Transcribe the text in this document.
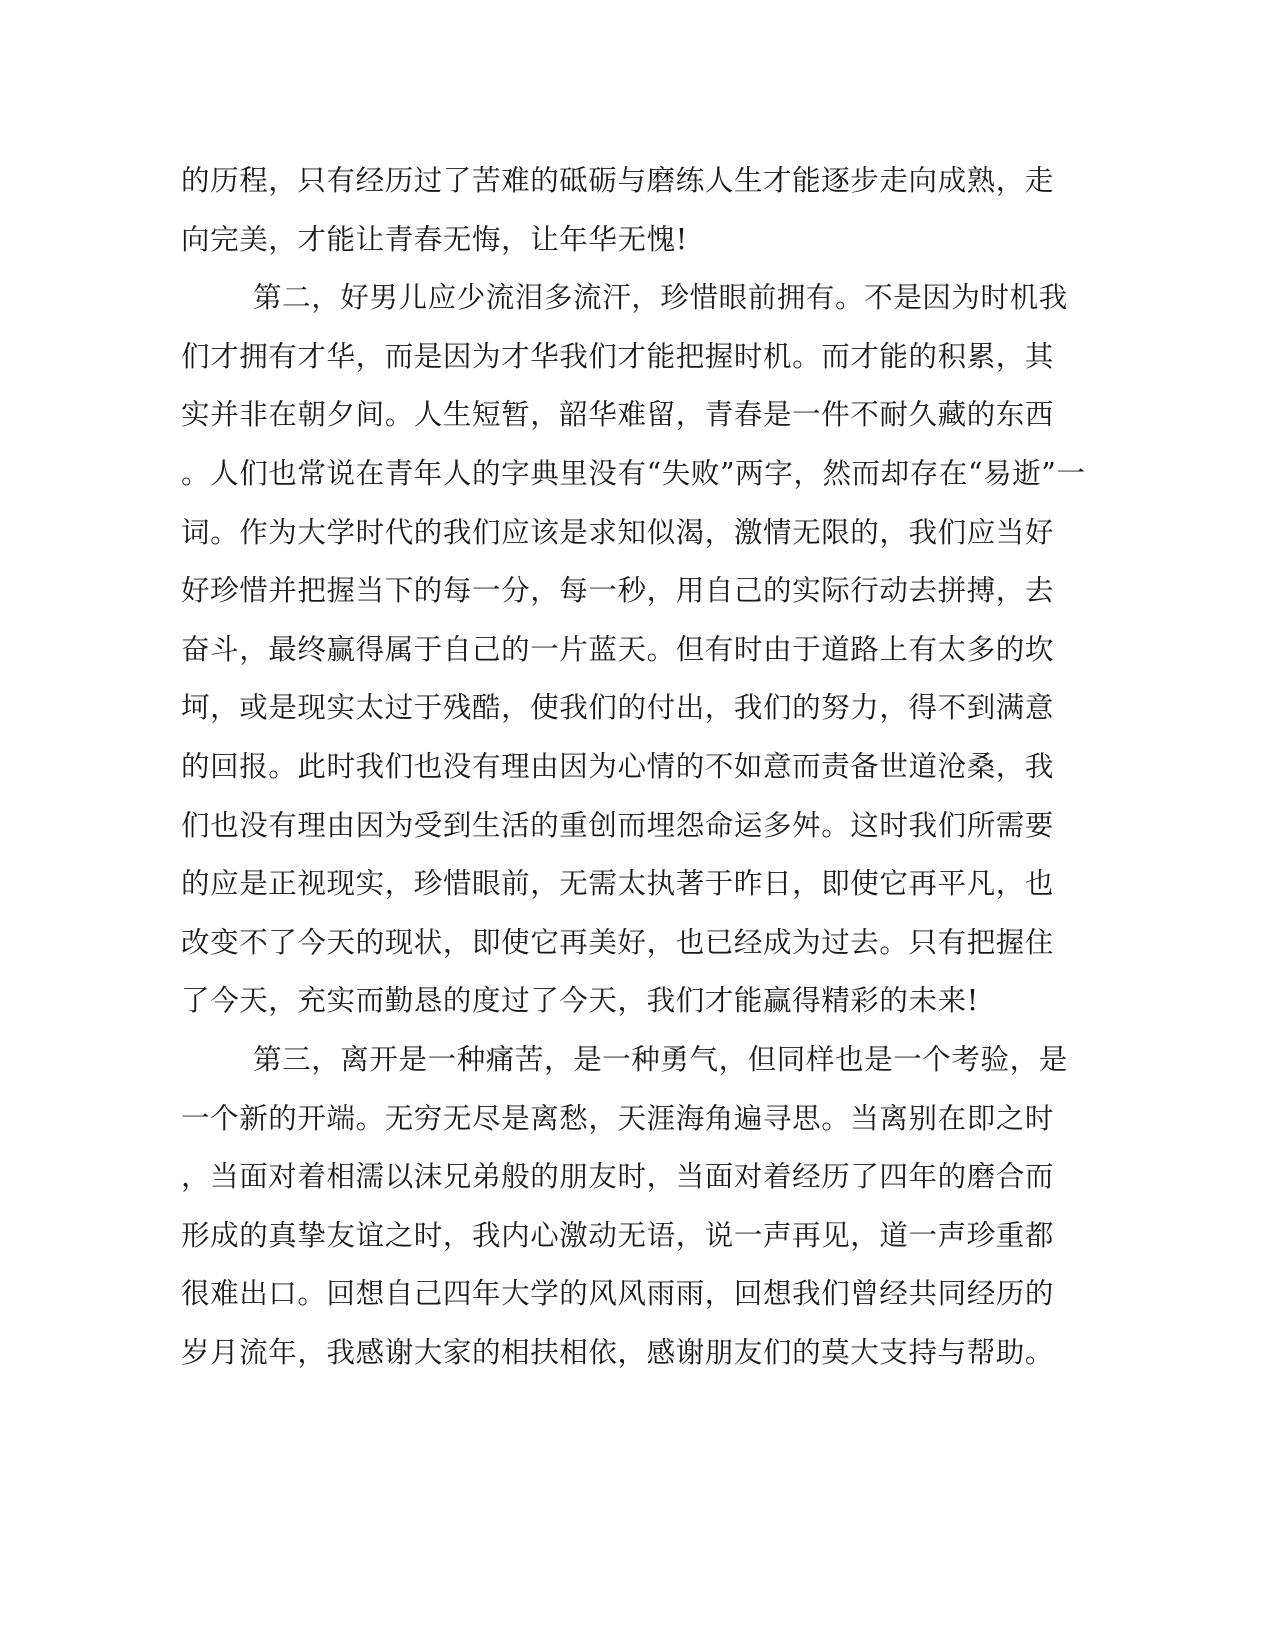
的历程，只有经历过了苦难的砥砺与磨练人生才能逐步走向成熟，走
向完美，才能让青春无悔，让年华无愧!
第二，好男儿应少流泪多流汗，珍惜眼前拥有。不是因为时机我
们才拥有才华，而是因为才华我们才能把握时机。而才能的积累，其
实并非在朝夕间。人生短暂，韶华难留，青春是一件不耐久藏的东西
。人们也常说在青年人的字典里没有“失败”两字，然而却存在“易逝”一
词。作为大学时代的我们应该是求知似渴，激情无限的，我们应当好
好珍惜并把握当下的每一分，每一秒，用自己的实际行动去拼搏，去
奋斗，最终赢得属于自己的一片蓝天。但有时由于道路上有太多的坎
坷，或是现实太过于残酷，使我们的付出，我们的努力，得不到满意
的回报。此时我们也没有理由因为心情的不如意而责备世道沧桑，我
们也没有理由因为受到生活的重创而埋怨命运多舛。这时我们所需要
的应是正视现实，珍惜眼前，无需太执著于昨日，即使它再平凡，也
改变不了今天的现状，即使它再美好，也已经成为过去。只有把握住
了今天，充实而勤恳的度过了今天，我们才能赢得精彩的未来!
第三，离开是一种痛苦，是一种勇气，但同样也是一个考验，是
一个新的开端。无穷无尽是离愁，天涯海角遍寻思。当离别在即之时
，当面对着相濡以沫兄弟般的朋友时，当面对着经历了四年的磨合而
形成的真挚友谊之时，我内心激动无语，说一声再见，道一声珍重都
很难出口。回想自己四年大学的风风雨雨，回想我们曾经共同经历的
岁月流年，我感谢大家的相扶相依，感谢朋友们的莫大支持与帮助。
